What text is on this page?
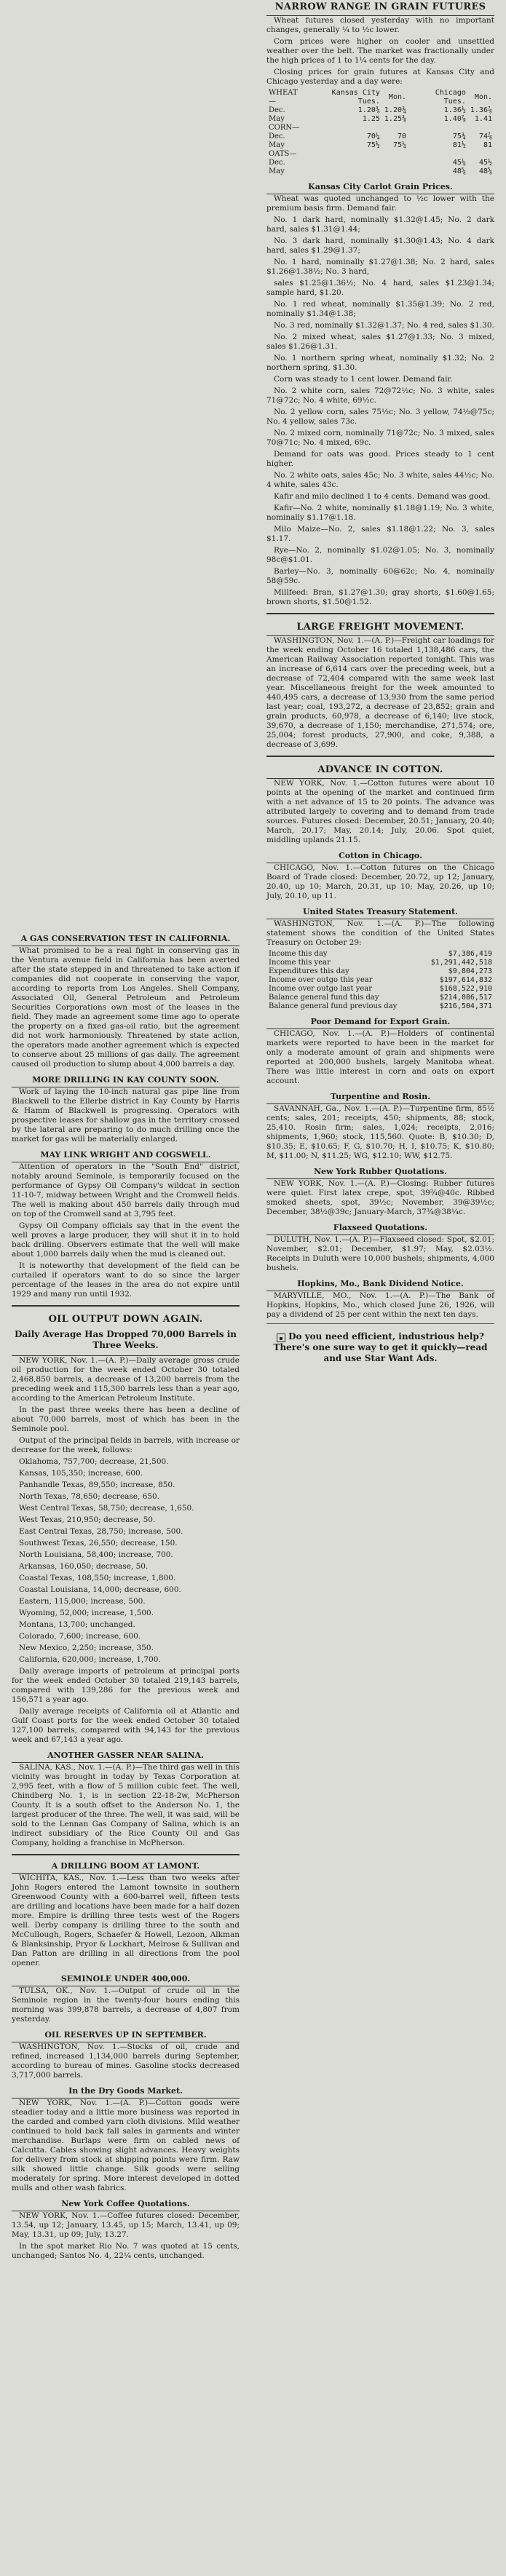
NARROW RANGE IN GRAIN FUTURES

Wheat futures closed yesterday with no important changes, generally ¼ to ½c lower.

Corn prices were higher on cooler and unsettled weather over the belt. The market was fractionally under the high prices of 1 to 1¼ cents for the day.

Closing prices for grain futures at Kansas City and Chicago yesterday and a day were:

WHEAT—	Kansas City Tues.	Mon.	Chicago Tues.	Mon.
Dec.	1.20⅜	1.20¾	1.36½	1.36⅞
May	1.25	1.25⅜	1.40⅞	1.41
CORN—				
Dec.	70¼	70	75¾	74⅞
May	75½	75¼	81½	81
OATS—				
Dec.			45⅛	45½
May			48⅝	48⅝
Kansas City Carlot Grain Prices.

Wheat was quoted unchanged to ½c lower with the premium basis firm. Demand fair.

No. 1 dark hard, nominally $1.32@1.45; No. 2 dark hard, sales $1.31@1.44;

No. 3 dark hard, nominally $1.30@1.43; No. 4 dark hard, sales $1.29@1.37;

No. 1 hard, nominally $1.27@1.38; No. 2 hard, sales $1.26@1.38½; No. 3 hard,

sales $1.25@1.36½; No. 4 hard, sales $1.23@1.34; sample hard, $1.20.

No. 1 red wheat, nominally $1.35@1.39; No. 2 red, nominally $1.34@1.38;

No. 3 red, nominally $1.32@1.37; No. 4 red, sales $1.30.

No. 2 mixed wheat, sales $1.27@1.33; No. 3 mixed, sales $1.26@1.31.

No. 1 northern spring wheat, nominally $1.32; No. 2 northern spring, $1.30.

Corn was steady to 1 cent lower. Demand fair.

No. 2 white corn, sales 72@72½c; No. 3 white, sales 71@72c; No. 4 white, 69½c.

No. 2 yellow corn, sales 75½c; No. 3 yellow, 74½@75c; No. 4 yellow, sales 73c.

No. 2 mixed corn, nominally 71@72c; No. 3 mixed, sales 70@71c; No. 4 mixed, 69c.

Demand for oats was good. Prices steady to 1 cent higher.

No. 2 white oats, sales 45c; No. 3 white, sales 44½c; No. 4 white, sales 43c.

Kafir and milo declined 1 to 4 cents. Demand was good.

Kafir—No. 2 white, nominally $1.18@1.19; No. 3 white, nominally $1.17@1.18.

Milo Maize—No. 2, sales $1.18@1.22; No. 3, sales $1.17.

Rye—No. 2, nominally $1.02@1.05; No. 3, nominally 98c@$1.01.

Barley—No. 3, nominally 60@62c; No. 4, nominally 58@59c.

Millfeed: Bran, $1.27@1.30; gray shorts, $1.60@1.65; brown shorts, $1.50@1.52.

LARGE FREIGHT MOVEMENT.

WASHINGTON, Nov. 1.—(A. P.)—Freight car loadings for the week ending October 16 totaled 1,138,486 cars, the American Railway Association reported tonight. This was an increase of 6,614 cars over the preceding week, but a decrease of 72,404 compared with the same week last year. Miscellaneous freight for the week amounted to 440,495 cars, a decrease of 13,930 from the same period last year; coal, 193,272, a decrease of 23,852; grain and grain products, 60,978, a decrease of 6,140; live stock, 39,670, a decrease of 1,150; merchandise, 271,574; ore, 25,004; forest products, 27,900, and coke, 9,388, a decrease of 3,699.

ADVANCE IN COTTON.

NEW YORK, Nov. 1.—Cotton futures were about 10 points at the opening of the market and continued firm with a net advance of 15 to 20 points. The advance was attributed largely to covering and to demand from trade sources. Futures closed: December, 20.51; January, 20.40; March, 20.17; May, 20.14; July, 20.06. Spot quiet, middling uplands 21.15.

Cotton in Chicago.

CHICAGO, Nov. 1.—Cotton futures on the Chicago Board of Trade closed: December, 20.72, up 12; January, 20.40, up 10; March, 20.31, up 10; May, 20.26, up 10; July, 20.10, up 11.

United States Treasury Statement.

WASHINGTON, Nov. 1.—(A. P.)—The following statement shows the condition of the United States Treasury on October 29:

Income this day	$7,386,419
Income this year	$1,291,442,518
Expenditures this day	$9,804,273
Income over outgo this year	$197,614,832
Income over outgo last year	$168,522,910
Balance general fund this day	$214,086,517
Balance general fund previous day	$216,504,371
Poor Demand for Export Grain.

CHICAGO, Nov. 1.—(A. P.)—Holders of continental markets were reported to have been in the market for only a moderate amount of grain and shipments were reported at 200,000 bushels, largely Manitoba wheat. There was little interest in corn and oats on export account.

Turpentine and Rosin.

SAVANNAH, Ga., Nov. 1.—(A. P.)—Turpentine firm, 85½ cents; sales, 201; receipts, 450; shipments, 88; stock, 25,410. Rosin firm; sales, 1,024; receipts, 2,016; shipments, 1,960; stock, 115,560. Quote: B, $10.30; D, $10.35; E, $10.65; F, G, $10.70; H, I, $10.75; K, $10.80; M, $11.00; N, $11.25; WG, $12.10; WW, $12.75.

New York Rubber Quotations.

NEW YORK, Nov. 1.—(A. P.)—Closing: Rubber futures were quiet. First latex crepe, spot, 39¾@40c. Ribbed smoked sheets, spot, 39½c; November, 39@39½c; December, 38½@39c; January-March, 37¾@38¼c.

Flaxseed Quotations.

DULUTH, Nov. 1.—(A. P.)—Flaxseed closed: Spot, $2.01; November, $2.01; December, $1.97; May, $2.03½. Receipts in Duluth were 10,000 bushels; shipments, 4,000 bushels.

Hopkins, Mo., Bank Dividend Notice.

MARYVILLE, MO., Nov. 1.—(A. P.)—The Bank of Hopkins, Hopkins, Mo., which closed June 26, 1926, will pay a dividend of 25 per cent within the next ten days.

▪ Do you need efficient, industrious help? There's one sure way to get it quickly—read and use Star Want Ads.
A GAS CONSERVATION TEST IN CALIFORNIA.

What promised to be a real fight in conserving gas in the Ventura avenue field in California has been averted after the state stepped in and threatened to take action if companies did not cooperate in conserving the vapor, according to reports from Los Angeles. Shell Company, Associated Oil, General Petroleum and Petroleum Securities Corporations own most of the leases in the field. They made an agreement some time ago to operate the property on a fixed gas-oil ratio, but the agreement did not work harmoniously. Threatened by state action, the operators made another agreement which is expected to conserve about 25 millions of gas daily. The agreement caused oil production to slump about 4,000 barrels a day.

MORE DRILLING IN KAY COUNTY SOON.

Work of laying the 10-inch natural gas pipe line from Blackwell to the Ellerbe district in Kay County by Harris & Hamm of Blackwell is progressing. Operators with prospective leases for shallow gas in the territory crossed by the lateral are preparing to do much drilling once the market for gas will be materially enlarged.

MAY LINK WRIGHT AND COGSWELL.

Attention of operators in the "South End" district, notably around Seminole, is temporarily focused on the performance of Gypsy Oil Company's wildcat in section 11-10-7, midway between Wright and the Cromwell fields. The well is making about 450 barrels daily through mud on top of the Cromwell sand at 3,795 feet.

Gypsy Oil Company officials say that in the event the well proves a large producer, they will shut it in to hold back drilling. Observers estimate that the well will make about 1,000 barrels daily when the mud is cleaned out.

It is noteworthy that development of the field can be curtailed if operators want to do so since the larger percentage of the leases in the area do not expire until 1929 and many run until 1932.

OIL OUTPUT DOWN AGAIN.
Daily Average Has Dropped 70,000 Barrels in Three Weeks.

NEW YORK, Nov. 1.—(A. P.)—Daily average gross crude oil production for the week ended October 30 totaled 2,468,850 barrels, a decrease of 13,200 barrels from the preceding week and 115,300 barrels less than a year ago, according to the American Petroleum Institute.

In the past three weeks there has been a decline of about 70,000 barrels, most of which has been in the Seminole pool.

Output of the principal fields in barrels, with increase or decrease for the week, follows:

Oklahoma, 757,700; decrease, 21,500.

Kansas, 105,350; increase, 600.

Panhandle Texas, 89,550; increase, 850.

North Texas, 78,650; decrease, 650.

West Central Texas, 58,750; decrease, 1,650.

West Texas, 210,950; decrease, 50.

East Central Texas, 28,750; increase, 500.

Southwest Texas, 26,550; decrease, 150.

North Louisiana, 58,400; increase, 700.

Arkansas, 160,050; decrease, 50.

Coastal Texas, 108,550; increase, 1,800.

Coastal Louisiana, 14,000; decrease, 600.

Eastern, 115,000; increase, 500.

Wyoming, 52,000; increase, 1,500.

Montana, 13,700; unchanged.

Colorado, 7,600; increase, 600.

New Mexico, 2,250; increase, 350.

California, 620,000; increase, 1,700.

Daily average imports of petroleum at principal ports for the week ended October 30 totaled 219,143 barrels, compared with 139,286 for the previous week and 156,571 a year ago.

Daily average receipts of California oil at Atlantic and Gulf Coast ports for the week ended October 30 totaled 127,100 barrels, compared with 94,143 for the previous week and 67,143 a year ago.

ANOTHER GASSER NEAR SALINA.

SALINA, KAS., Nov. 1.—(A. P.)—The third gas well in this vicinity was brought in today by Texas Corporation at 2,995 feet, with a flow of 5 million cubic feet. The well, Chindberg No. 1, is in section 22-18-2w, McPherson County. It is a south offset to the Anderson No. 1, the largest producer of the three. The well, it was said, will be sold to the Lennan Gas Company of Salina, which is an indirect subsidiary of the Rice County Oil and Gas Company, holding a franchise in McPherson.

A DRILLING BOOM AT LAMONT.

WICHITA, KAS., Nov. 1.—Less than two weeks after John Rogers entered the Lamont townsite in southern Greenwood County with a 600-barrel well, fifteen tests are drilling and locations have been made for a half dozen more. Empire is drilling three tests west of the Rogers well. Derby company is drilling three to the south and McCullough, Rogers, Schaefer & Howell, Lezoon, Alkman & Blanksinship, Pryor & Lockhart, Melrose & Sullivan and Dan Patton are drilling in all directions from the pool opener.

SEMINOLE UNDER 400,000.

TULSA, OK., Nov. 1.—Output of crude oil in the Seminole region in the twenty-four hours ending this morning was 399,878 barrels, a decrease of 4,807 from yesterday.

OIL RESERVES UP IN SEPTEMBER.

WASHINGTON, Nov. 1.—Stocks of oil, crude and refined, increased 1,134,000 barrels during September, according to bureau of mines. Gasoline stocks decreased 3,717,000 barrels.

In the Dry Goods Market.

NEW YORK, Nov. 1.—(A. P.)—Cotton goods were steadier today and a little more business was reported in the carded and combed yarn cloth divisions. Mild weather continued to hold back fall sales in garments and winter merchandise. Burlaps were firm on cabled news of Calcutta. Cables showing slight advances. Heavy weights for delivery from stock at shipping points were firm. Raw silk showed little change. Silk goods were selling moderately for spring. More interest developed in dotted mulls and other wash fabrics.

New York Coffee Quotations.

NEW YORK, Nov. 1.—Coffee futures closed: December, 13.54, up 12; January, 13.45, up 15; March, 13.41, up 09; May, 13.31, up 09; July, 13.27.

In the spot market Rio No. 7 was quoted at 15 cents, unchanged; Santos No. 4, 22¼ cents, unchanged.
